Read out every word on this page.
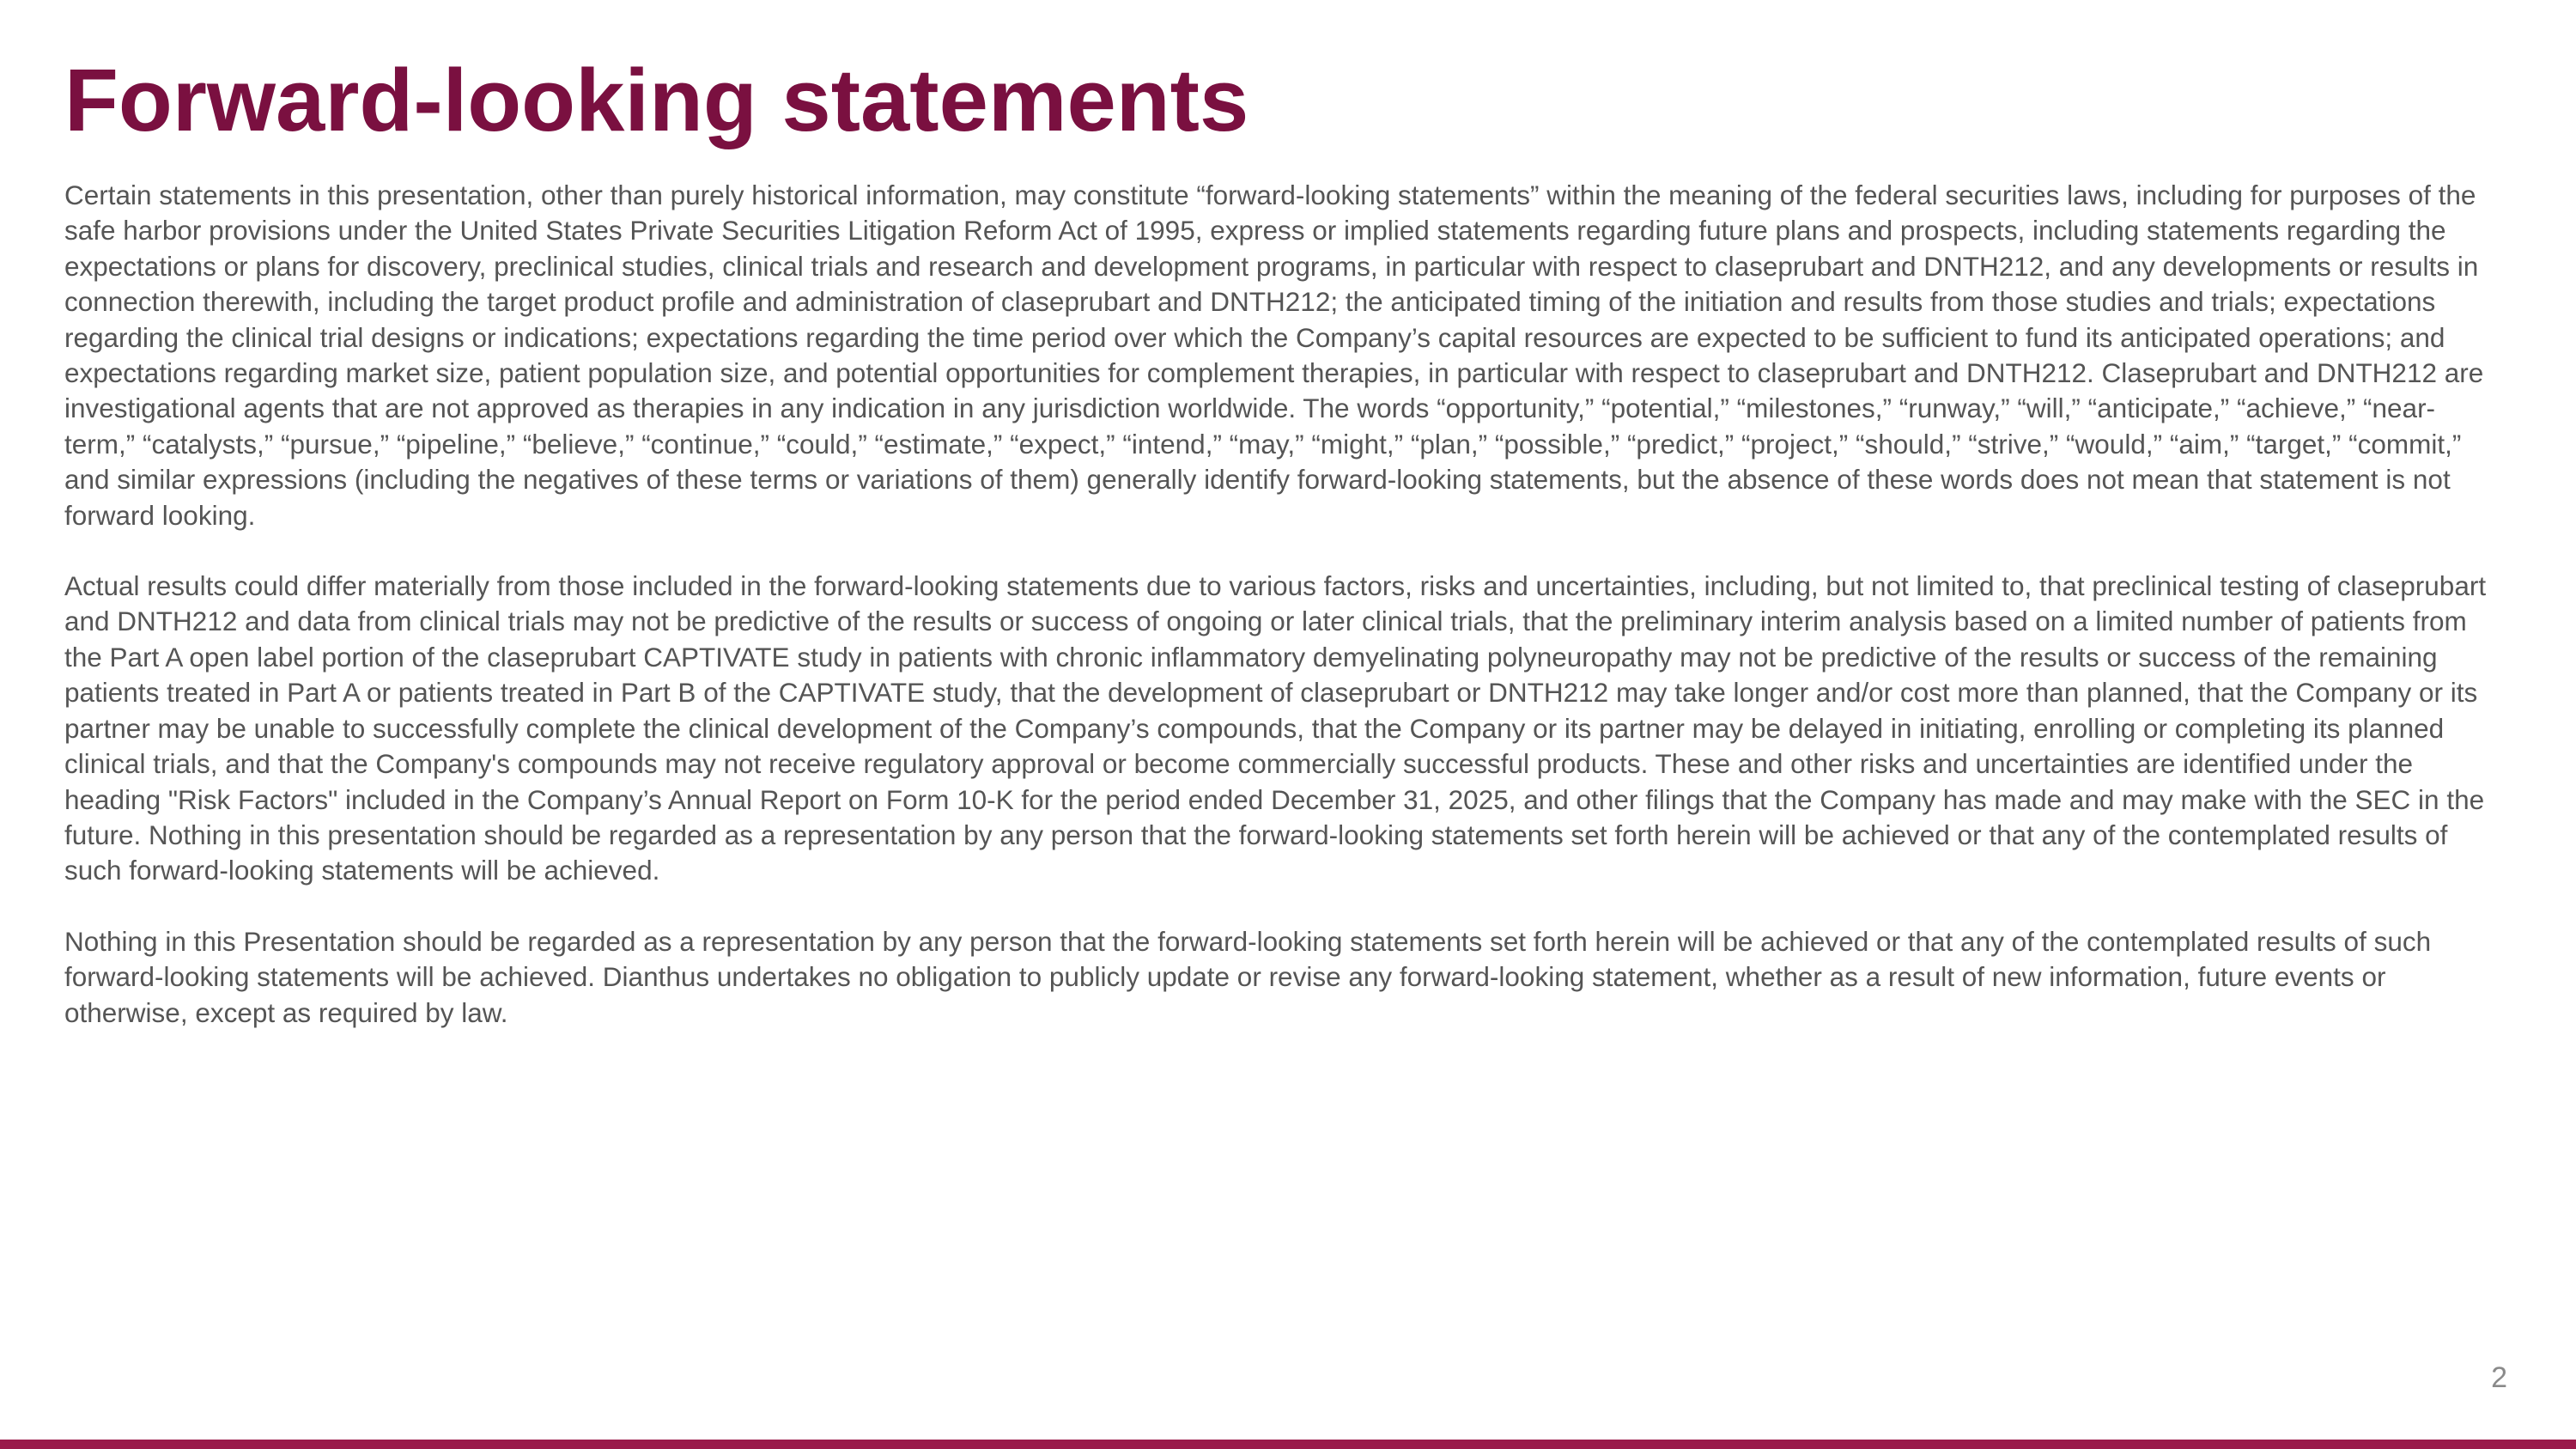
Forward-looking statements

Certain statements in this presentation, other than purely historical information, may constitute “forward-looking statements” within the meaning of the federal securities laws, including for purposes of the safe harbor provisions under the United States Private Securities Litigation Reform Act of 1995, express or implied statements regarding future plans and prospects, including statements regarding the expectations or plans for discovery, preclinical studies, clinical trials and research and development programs, in particular with respect to claseprubart and DNTH212, and any developments or results in connection therewith, including the target product profile and administration of claseprubart and DNTH212; the anticipated timing of the initiation and results from those studies and trials; expectations regarding the clinical trial designs or indications; expectations regarding the time period over which the Company’s capital resources are expected to be sufficient to fund its anticipated operations; and expectations regarding market size, patient population size, and potential opportunities for complement therapies, in particular with respect to claseprubart and DNTH212. Claseprubart and DNTH212 are investigational agents that are not approved as therapies in any indication in any jurisdiction worldwide. The words “opportunity,” “potential,” “milestones,” “runway,” “will,” “anticipate,” “achieve,” “near-term,” “catalysts,” “pursue,” “pipeline,” “believe,” “continue,” “could,” “estimate,” “expect,” “intend,” “may,” “might,” “plan,” “possible,” “predict,” “project,” “should,” “strive,” “would,” “aim,” “target,” “commit,” and similar expressions (including the negatives of these terms or variations of them) generally identify forward-looking statements, but the absence of these words does not mean that statement is not forward looking.

Actual results could differ materially from those included in the forward-looking statements due to various factors, risks and uncertainties, including, but not limited to, that preclinical testing of claseprubart and DNTH212 and data from clinical trials may not be predictive of the results or success of ongoing or later clinical trials, that the preliminary interim analysis based on a limited number of patients from the Part A open label portion of the claseprubart CAPTIVATE study in patients with chronic inflammatory demyelinating polyneuropathy may not be predictive of the results or success of the remaining patients treated in Part A or patients treated in Part B of the CAPTIVATE study, that the development of claseprubart or DNTH212 may take longer and/or cost more than planned, that the Company or its partner may be unable to successfully complete the clinical development of the Company’s compounds, that the Company or its partner may be delayed in initiating, enrolling or completing its planned clinical trials, and that the Company's compounds may not receive regulatory approval or become commercially successful products. These and other risks and uncertainties are identified under the heading "Risk Factors" included in the Company’s Annual Report on Form 10-K for the period ended December 31, 2025, and other filings that the Company has made and may make with the SEC in the future. Nothing in this presentation should be regarded as a representation by any person that the forward-looking statements set forth herein will be achieved or that any of the contemplated results of such forward-looking statements will be achieved.

Nothing in this Presentation should be regarded as a representation by any person that the forward-looking statements set forth herein will be achieved or that any of the contemplated results of such forward-looking statements will be achieved. Dianthus undertakes no obligation to publicly update or revise any forward-looking statement, whether as a result of new information, future events or otherwise, except as required by law.

2
